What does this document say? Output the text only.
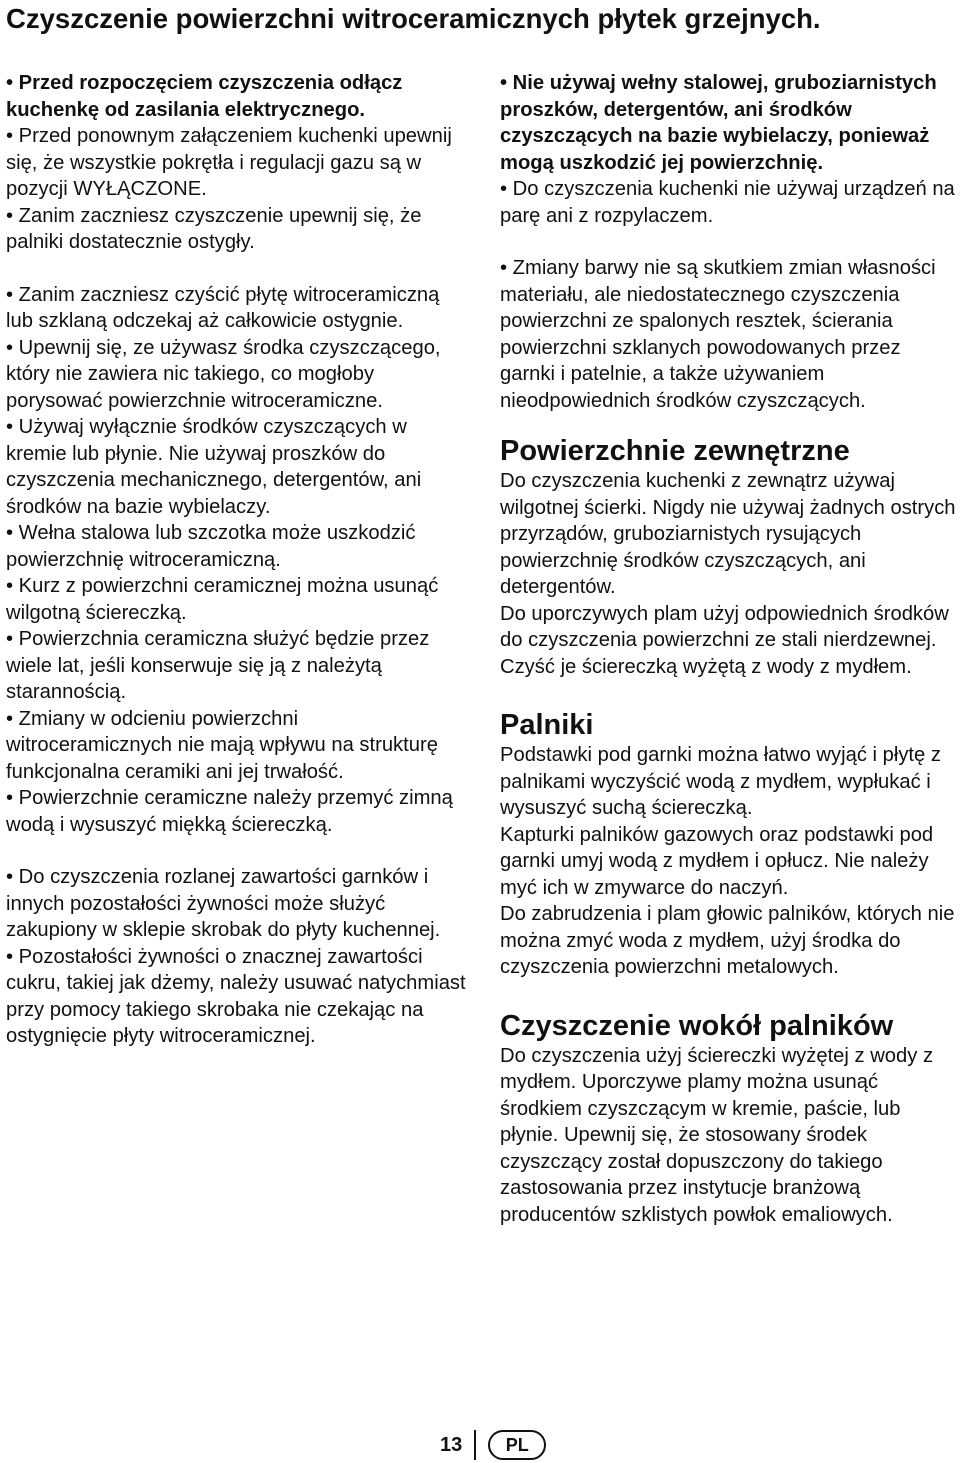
Czyszczenie powierzchni witroceramicznych płytek grzejnych.

• Przed rozpoczęciem czyszczenia odłącz kuchenkę od zasilania elektrycznego.

• Przed ponownym załączeniem kuchenki upewnij się, że wszystkie pokrętła i regulacji gazu są w pozycji WYŁĄCZONE.

• Zanim zaczniesz czyszczenie upewnij się, że palniki dostatecznie ostygły.

• Zanim zaczniesz czyścić płytę witroceramiczną lub szklaną odczekaj aż całkowicie ostygnie.

• Upewnij się, ze używasz środka czyszczącego, który nie zawiera nic takiego, co mogłoby porysować powierzchnie witroceramiczne.

• Używaj wyłącznie środków czyszczących w kremie lub płynie. Nie używaj proszków do czyszczenia mechanicznego, detergentów, ani środków na bazie wybielaczy.

• Wełna stalowa lub szczotka może uszkodzić powierzchnię witroceramiczną.

• Kurz z powierzchni ceramicznej można usunąć wilgotną ściereczką.

• Powierzchnia ceramiczna służyć będzie przez wiele lat, jeśli konserwuje się ją z należytą starannością.

• Zmiany w odcieniu powierzchni witroceramicznych nie mają wpływu na strukturę funkcjonalna ceramiki ani jej trwałość.

• Powierzchnie ceramiczne należy przemyć zimną wodą i wysuszyć miękką ściereczką.

• Do czyszczenia rozlanej zawartości garnków i innych pozostałości żywności może służyć zakupiony w sklepie skrobak do płyty kuchennej.

• Pozostałości żywności o znacznej zawartości cukru, takiej jak dżemy, należy usuwać natychmiast przy pomocy takiego skrobaka nie czekając na ostygnięcie płyty witroceramicznej.

• Nie używaj wełny stalowej, gruboziarnistych proszków, detergentów, ani środków czyszczących na bazie wybielaczy, ponieważ mogą uszkodzić jej powierzchnię.

• Do czyszczenia kuchenki nie używaj urządzeń na parę ani z rozpylaczem.

• Zmiany barwy nie są skutkiem zmian własności materiału, ale niedostatecznego czyszczenia powierzchni ze spalonych resztek, ścierania powierzchni szklanych powodowanych przez garnki i patelnie, a także używaniem nieodpowiednich środków czyszczących.

Powierzchnie zewnętrzne
Do czyszczenia kuchenki z zewnątrz używaj wilgotnej ścierki. Nigdy nie używaj żadnych ostrych przyrządów, gruboziarnistych rysujących powierzchnię środków czyszczących, ani detergentów.
Do uporczywych plam użyj odpowiednich środków do czyszczenia powierzchni ze stali nierdzewnej.
Czyść je ściereczką wyżętą z wody z mydłem.
Palniki
Podstawki pod garnki można łatwo wyjąć i płytę z palnikami wyczyścić wodą z mydłem, wypłukać i wysuszyć suchą ściereczką.
Kapturki palników gazowych oraz podstawki pod garnki umyj wodą z mydłem i opłucz. Nie należy myć ich w zmywarce do naczyń.
Do zabrudzenia i plam głowic palników, których nie można zmyć woda z mydłem, użyj środka do czyszczenia powierzchni metalowych.
Czyszczenie wokół palników
Do czyszczenia użyj ściereczki wyżętej z wody z mydłem. Uporczywe plamy można usunąć środkiem czyszczącym w kremie, paście, lub płynie. Upewnij się, że stosowany środek czyszczący został dopuszczony do takiego zastosowania przez instytucje branżową producentów szklistych powłok emaliowych.
13	PL
